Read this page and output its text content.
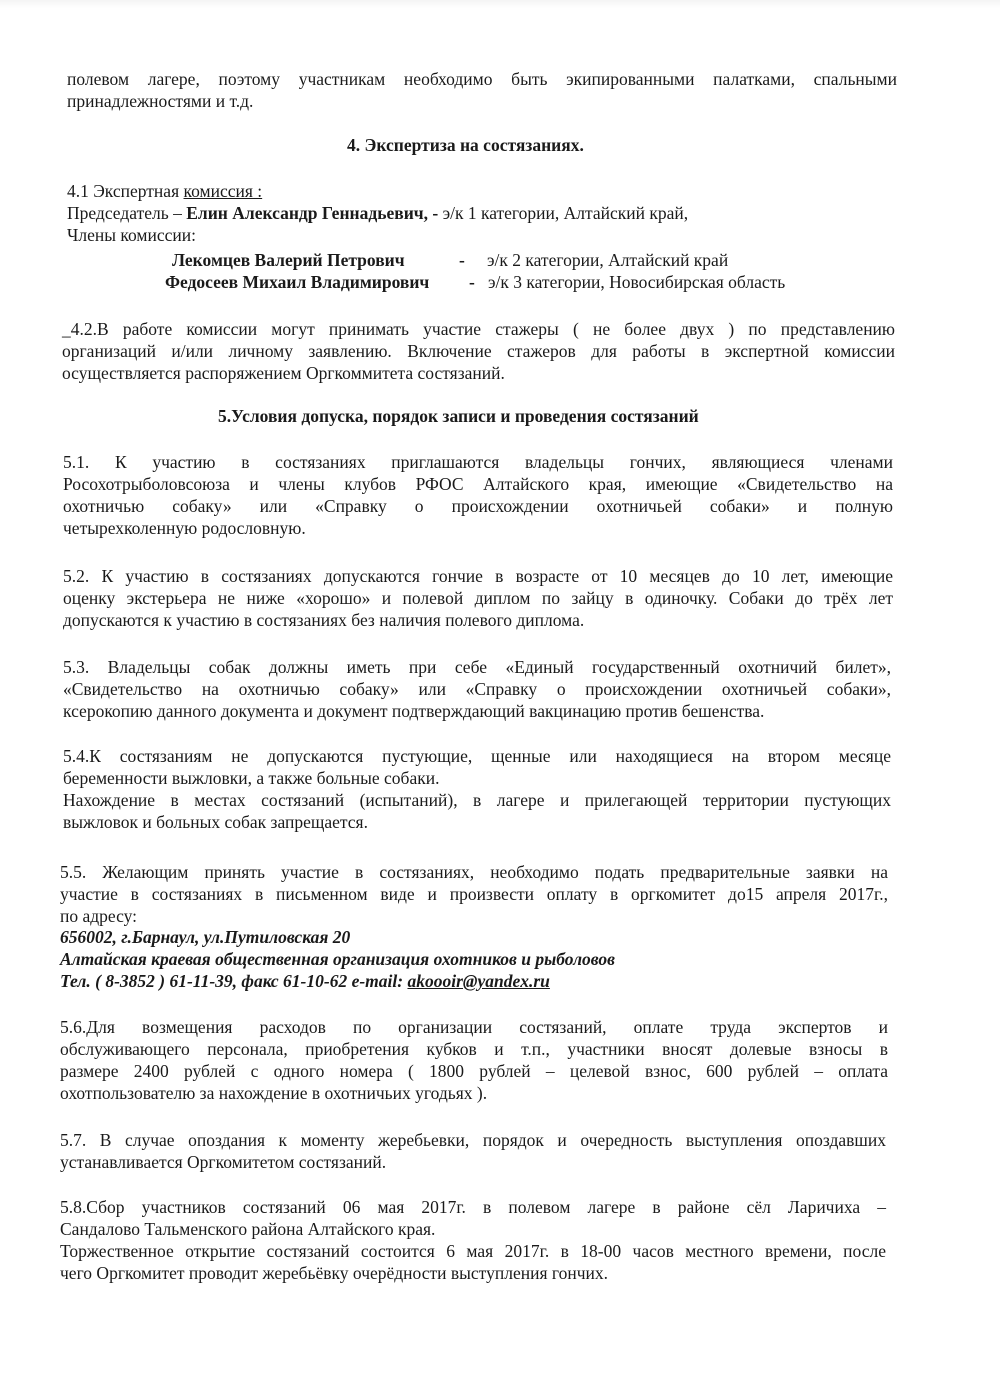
полевом лагере, поэтому участникам необходимо быть экипированными палатками, спальными
принадлежностями и т.д.
4. Экспертиза на состязаниях.
4.1 Экспертная комиссия :
Председатель – Елин Александр Геннадьевич, - э/к 1 категории, Алтайский край,
Члены комиссии:
Лекомцев Валерий Петрович	- э/к 2 категории, Алтайский край
Федосеев Михаил Владимирович - э/к 3 категории, Новосибирская область
_4.2.В работе комиссии могут принимать участие стажеры ( не более двух ) по представлению
организаций и/или личному заявлению. Включение стажеров для работы в экспертной комиссии
осуществляется распоряжением Оргкоммитета состязаний.
5.Условия допуска, порядок записи и проведения состязаний
5.1. К участию в состязаниях приглашаются владельцы гончих, являющиеся членами
Росохотрыболовсоюза и члены клубов РФОС Алтайского края, имеющие «Свидетельство на
охотничью собаку» или «Справку о происхождении охотничьей собаки» и полную
четырехколенную родословную.
5.2. К участию в состязаниях допускаются гончие в возрасте от 10 месяцев до 10 лет, имеющие
оценку экстерьера не ниже «хорошо» и полевой диплом по зайцу в одиночку. Собаки до трёх лет
допускаются к участию в состязаниях без наличия полевого диплома.
5.3. Владельцы собак должны иметь при себе «Единый государственный охотничий билет»,
«Свидетельство на охотничью собаку» или «Справку о происхождении охотничьей собаки»,
ксерокопию данного документа и документ подтверждающий вакцинацию против бешенства.
5.4.К состязаниям не допускаются пустующие, щенные или находящиеся на втором месяце
беременности выжловки, а также больные собаки.
Нахождение в местах состязаний (испытаний), в лагере и прилегающей территории пустующих
выжловок и больных собак запрещается.
5.5. Желающим принять участие в состязаниях, необходимо подать предварительные заявки на
участие в состязаниях в письменном виде и произвести оплату в оргкомитет до15 апреля 2017г.,
по адресу:
656002, г.Барнаул, ул.Путиловская 20
Алтайская краевая общественная организация охотников и рыболовов
Тел. ( 8-3852 ) 61-11-39, факс 61-10-62 e-mail: akoooir@yandex.ru
5.6.Для возмещения расходов по организации состязаний, оплате труда экспертов и
обслуживающего персонала, приобретения кубков и т.п., участники вносят долевые взносы в
размере 2400 рублей с одного номера ( 1800 рублей – целевой взнос, 600 рублей – оплата
охотпользователю за нахождение в охотничьих угодьях ).
5.7. В случае опоздания к моменту жеребьевки, порядок и очередность выступления опоздавших
устанавливается Оргкомитетом состязаний.
5.8.Сбор участников состязаний 06 мая 2017г. в полевом лагере в районе сёл Ларичиха –
Сандалово Тальменского района Алтайского края.
Торжественное открытие состязаний состоится 6 мая 2017г. в 18-00 часов местного времени, после
чего Оргкомитет проводит жеребьёвку очерёдности выступления гончих.
